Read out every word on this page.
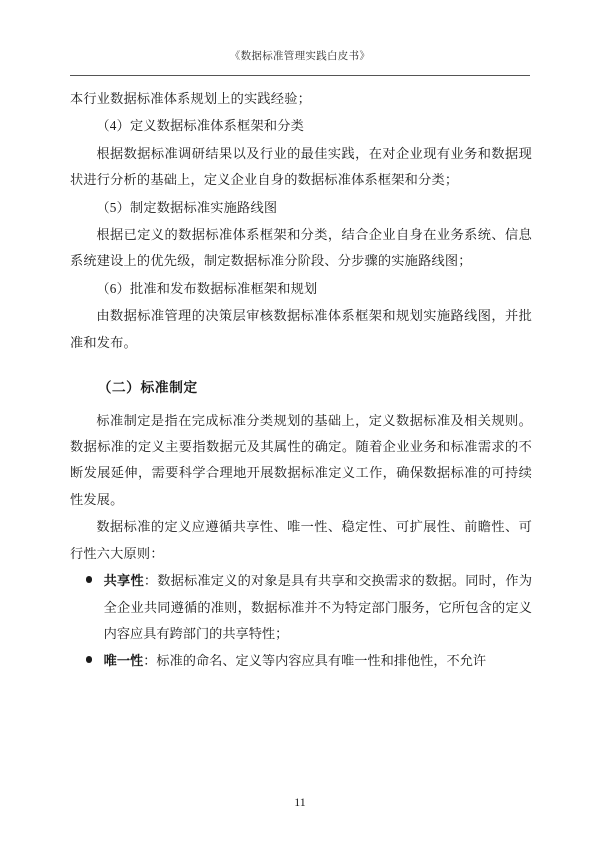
《数据标准管理实践白皮书》

本行业数据标准体系规划上的实践经验；

（4）定义数据标准体系框架和分类

根据数据标准调研结果以及行业的最佳实践，在对企业现有业务和数据现状进行分析的基础上，定义企业自身的数据标准体系框架和分类；

（5）制定数据标准实施路线图

根据已定义的数据标准体系框架和分类，结合企业自身在业务系统、信息系统建设上的优先级，制定数据标准分阶段、分步骤的实施路线图；

（6）批准和发布数据标准框架和规划

由数据标准管理的决策层审核数据标准体系框架和规划实施路线图，并批准和发布。

（二）标准制定

标准制定是指在完成标准分类规划的基础上，定义数据标准及相关规则。数据标准的定义主要指数据元及其属性的确定。随着企业业务和标准需求的不断发展延伸，需要科学合理地开展数据标准定义工作，确保数据标准的可持续性发展。

数据标准的定义应遵循共享性、唯一性、稳定性、可扩展性、前瞻性、可行性六大原则：

共享性：数据标准定义的对象是具有共享和交换需求的数据。同时，作为全企业共同遵循的准则，数据标准并不为特定部门服务，它所包含的定义内容应具有跨部门的共享特性；
唯一性：标准的命名、定义等内容应具有唯一性和排他性，不允许
11
